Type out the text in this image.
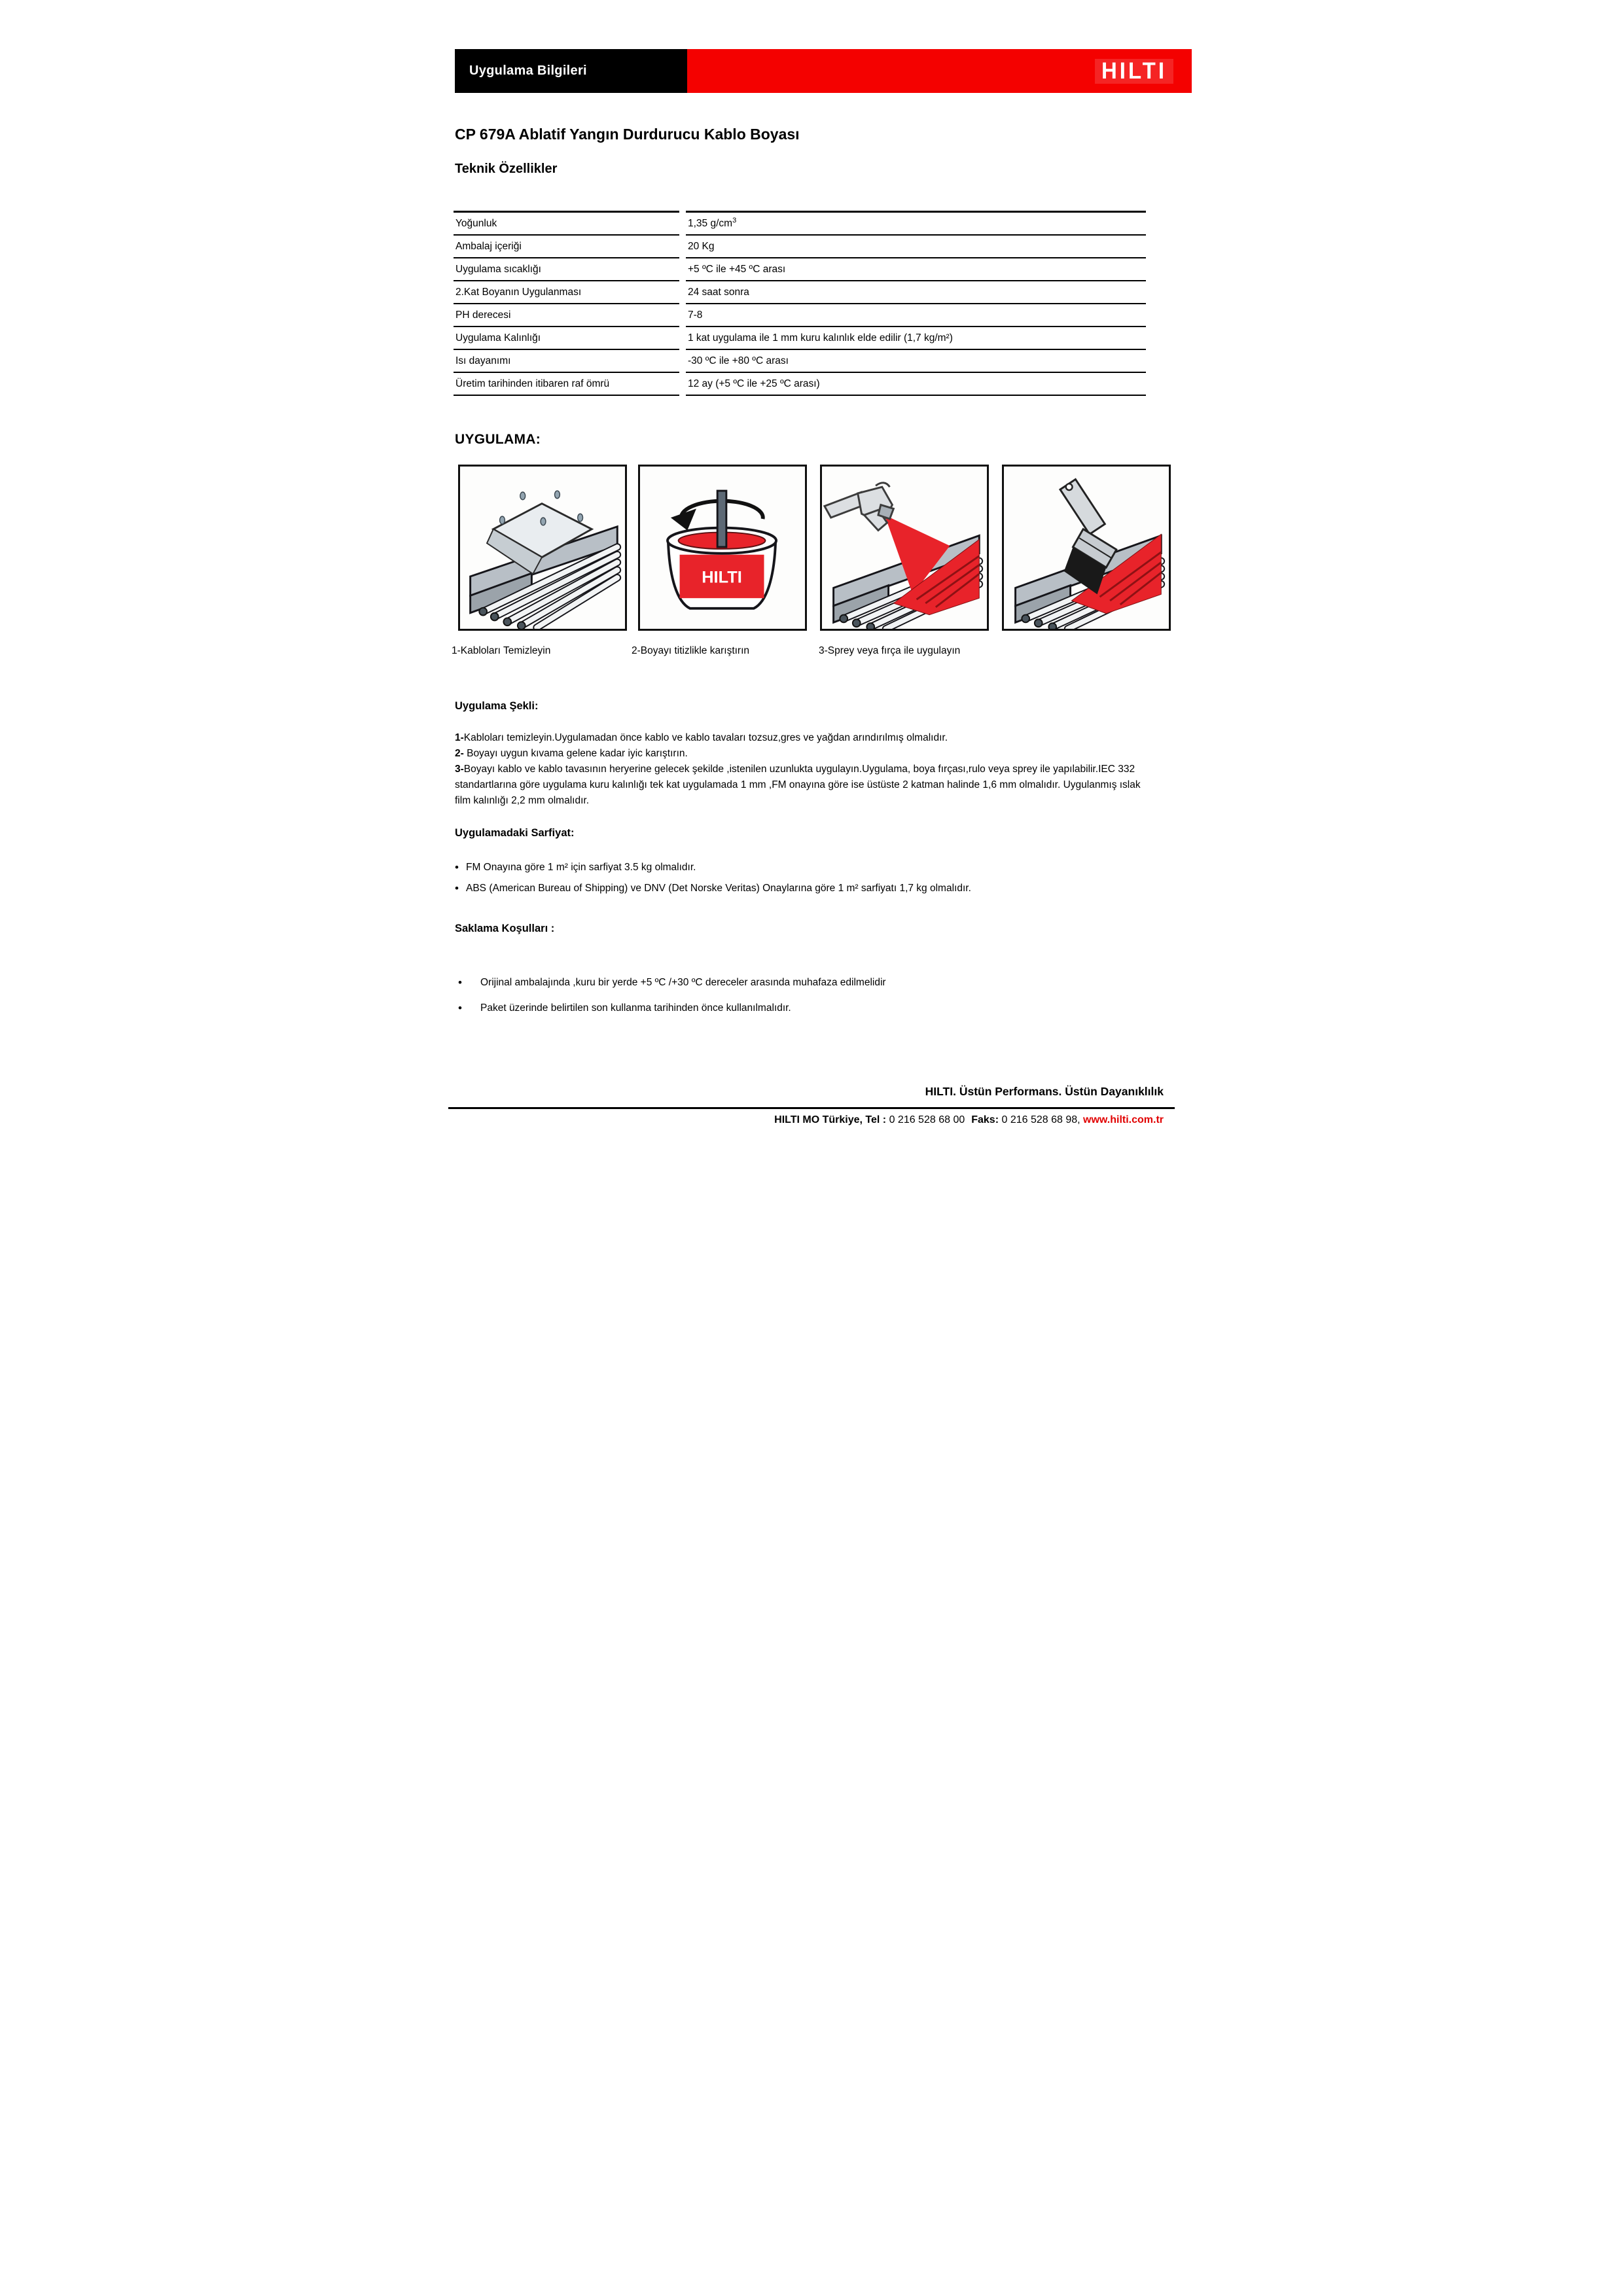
Uygulama Bilgileri	HILTI
CP 679A Ablatif Yangın Durdurucu Kablo Boyası
Teknik Özellikler
Yoğunluk		1,35 $g/cm^3$
Ambalaj içeriği		20 Kg
Uygulama sıcaklığı		+5 ºC ile +45 ºC arası
2.Kat Boyanın Uygulanması		24 saat sonra
PH derecesi		7-8
Uygulama Kalınlığı		1 kat uygulama ile 1 mm kuru kalınlık elde edilir (1,7 kg/m²)
Isı dayanımı		-30 ºC ile +80 ºC arası
Üretim tarihinden itibaren raf ömrü		12 ay (+5 ºC ile +25 ºC arası)
UYGULAMA:
HILTI
1-Kabloları Temizleyin	2-Boyayı titizlikle karıştırın	3-Sprey veya fırça ile uygulayın
Uygulama Şekli:

1-Kabloları temizleyin.Uygulamadan önce kablo ve kablo tavaları tozsuz,gres ve yağdan arındırılmış olmalıdır.

2- Boyayı uygun kıvama gelene kadar iyic karıştırın.

3-Boyayı kablo ve kablo tavasının heryerine gelecek şekilde ,istenilen uzunlukta uygulayın.Uygulama, boya fırçası,rulo veya sprey ile yapılabilir.IEC 332 standartlarına göre uygulama kuru kalınlığı tek kat uygulamada 1 mm ,FM onayına göre ise üstüste 2 katman halinde 1,6 mm olmalıdır. Uygulanmış ıslak film kalınlığı 2,2 mm olmalıdır.

Uygulamadaki Sarfiyat:
•
FM Onayına göre 1 m² için sarfiyat 3.5 kg olmalıdır.
•
ABS (American Bureau of Shipping) ve DNV (Det Norske Veritas) Onaylarına göre 1 m² sarfiyatı 1,7 kg olmalıdır.
Saklama Koşulları :
•
Orijinal ambalajında ,kuru bir yerde +5 ºC /+30 ºC dereceler arasında muhafaza edilmelidir
•
Paket üzerinde belirtilen son kullanma tarihinden önce kullanılmalıdır.
HILTI. Üstün Performans. Üstün Dayanıklılık
HILTI MO Türkiye, Tel : 0 216 528 68 00 Faks: 0 216 528 68 98, www.hilti.com.tr
